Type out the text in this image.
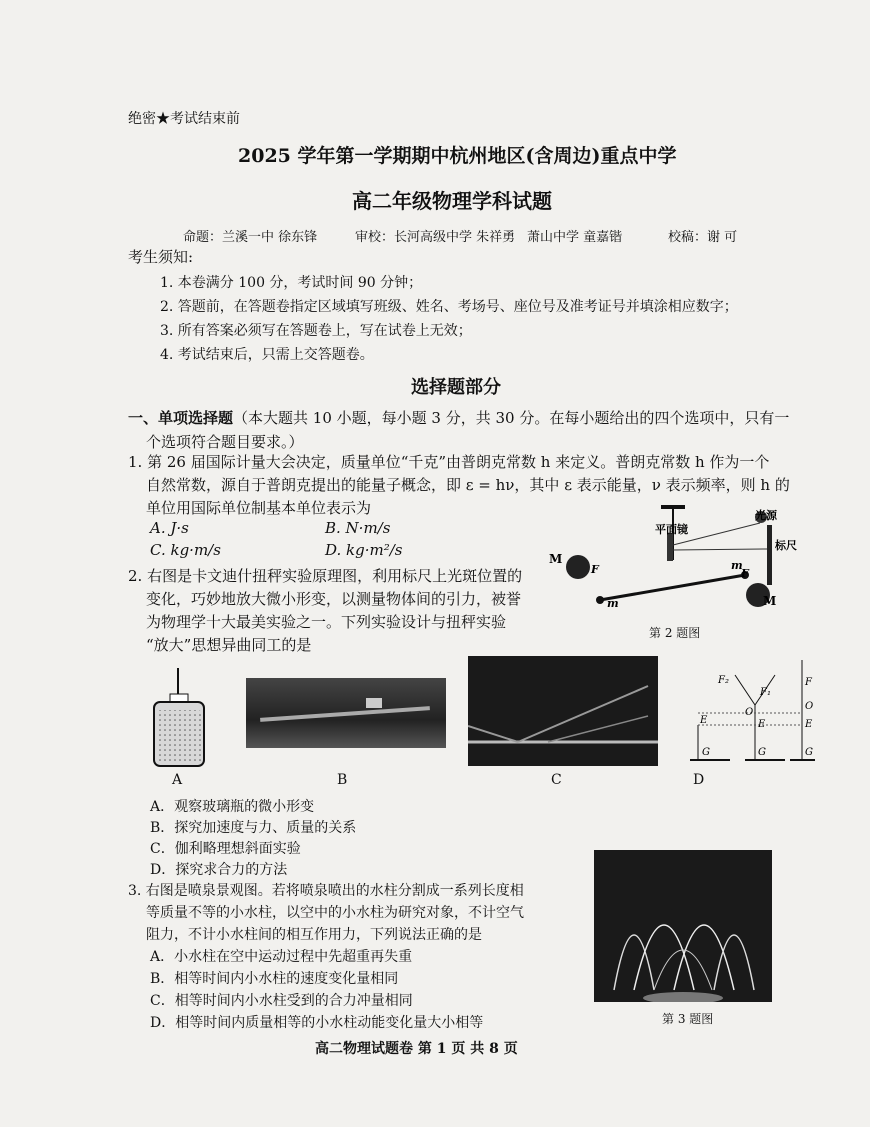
绝密★考试结束前
2025 学年第一学期期中杭州地区(含周边)重点中学
高二年级物理学科试题
命题：兰溪一中 徐东锋	审校：长河高级中学 朱祥勇 萧山中学 童嘉锴	校稿：谢 可
考生须知:
1. 本卷满分 100 分，考试时间 90 分钟；
2. 答题前，在答题卷指定区域填写班级、姓名、考场号、座位号及准考证号并填涂相应数字；
3. 所有答案必须写在答题卷上，写在试卷上无效；
4. 考试结束后，只需上交答题卷。
选择题部分
一、单项选择题（本大题共 10 小题，每小题 3 分，共 30 分。在每小题给出的四个选项中，只有一
个选项符合题目要求。）
1. 第 26 届国际计量大会决定，质量单位“千克”由普朗克常数 h 来定义。普朗克常数 h 作为一个
自然常数，源自于普朗克提出的能量子概念，即 ε = hν，其中 ε 表示能量，ν 表示频率，则 h 的
单位用国际单位制基本单位表示为
A. J·s	B. N·m/s
C. kg·m/s	D. kg·m²/s
2. 右图是卡文迪什扭秤实验原理图，利用标尺上光斑位置的
变化，巧妙地放大微小形变，以测量物体间的引力，被誉
为物理学十大最美实验之一。下列实验设计与扭秤实验
“放大”思想异曲同工的是
平面镜
光源
标尺
M
F
m
m
F
M
第 2 题图
F₂
F₁
O
F
O
E	E	E
G	G	G
A	B	C	D
A．观察玻璃瓶的微小形变
B．探究加速度与力、质量的关系
C．伽利略理想斜面实验
D．探究求合力的方法
3. 右图是喷泉景观图。若将喷泉喷出的水柱分割成一系列长度相
等质量不等的小水柱，以空中的小水柱为研究对象，不计空气
阻力，不计小水柱间的相互作用力，下列说法正确的是
A．小水柱在空中运动过程中先超重再失重
B．相等时间内小水柱的速度变化量相同
C．相等时间内小水柱受到的合力冲量相同
D．相等时间内质量相等的小水柱动能变化量大小相等	第 3 题图
高二物理试题卷 第 1 页 共 8 页
